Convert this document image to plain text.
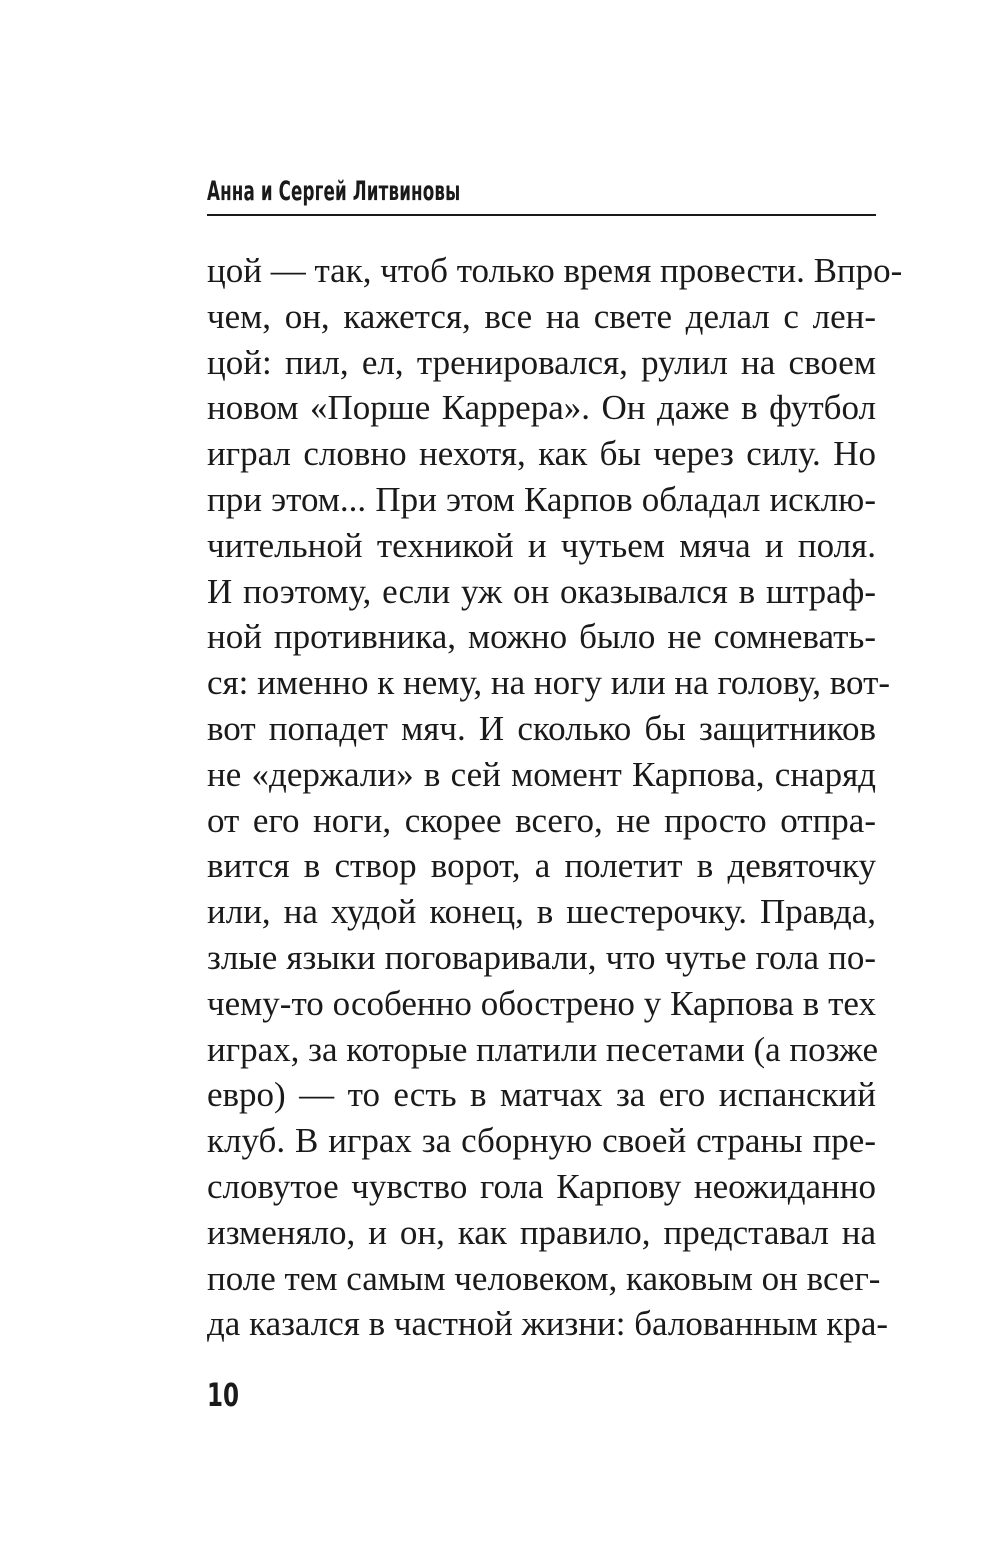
Анна и Сергей Литвиновы
цой — так, чтоб только время провести. Впро-
чем, он, кажется, все на свете делал с лен-
цой: пил, ел, тренировался, рулил на своем
новом «Порше Каррера». Он даже в футбол
играл словно нехотя, как бы через силу. Но
при этом... При этом Карпов обладал исклю-
чительной техникой и чутьем мяча и поля.
И поэтому, если уж он оказывался в штраф-
ной противника, можно было не сомневать-
ся: именно к нему, на ногу или на голову, вот-
вот попадет мяч. И сколько бы защитников
не «держали» в сей момент Карпова, снаряд
от его ноги, скорее всего, не просто отпра-
вится в створ ворот, а полетит в девяточку
или, на худой конец, в шестерочку. Правда,
злые языки поговаривали, что чутье гола по-
чему-то особенно обострено у Карпова в тех
играх, за которые платили песетами (а позже
евро) — то есть в матчах за его испанский
клуб. В играх за сборную своей страны пре-
словутое чувство гола Карпову неожиданно
изменяло, и он, как правило, представал на
поле тем самым человеком, каковым он всег-
да казался в частной жизни: балованным кра-
10
